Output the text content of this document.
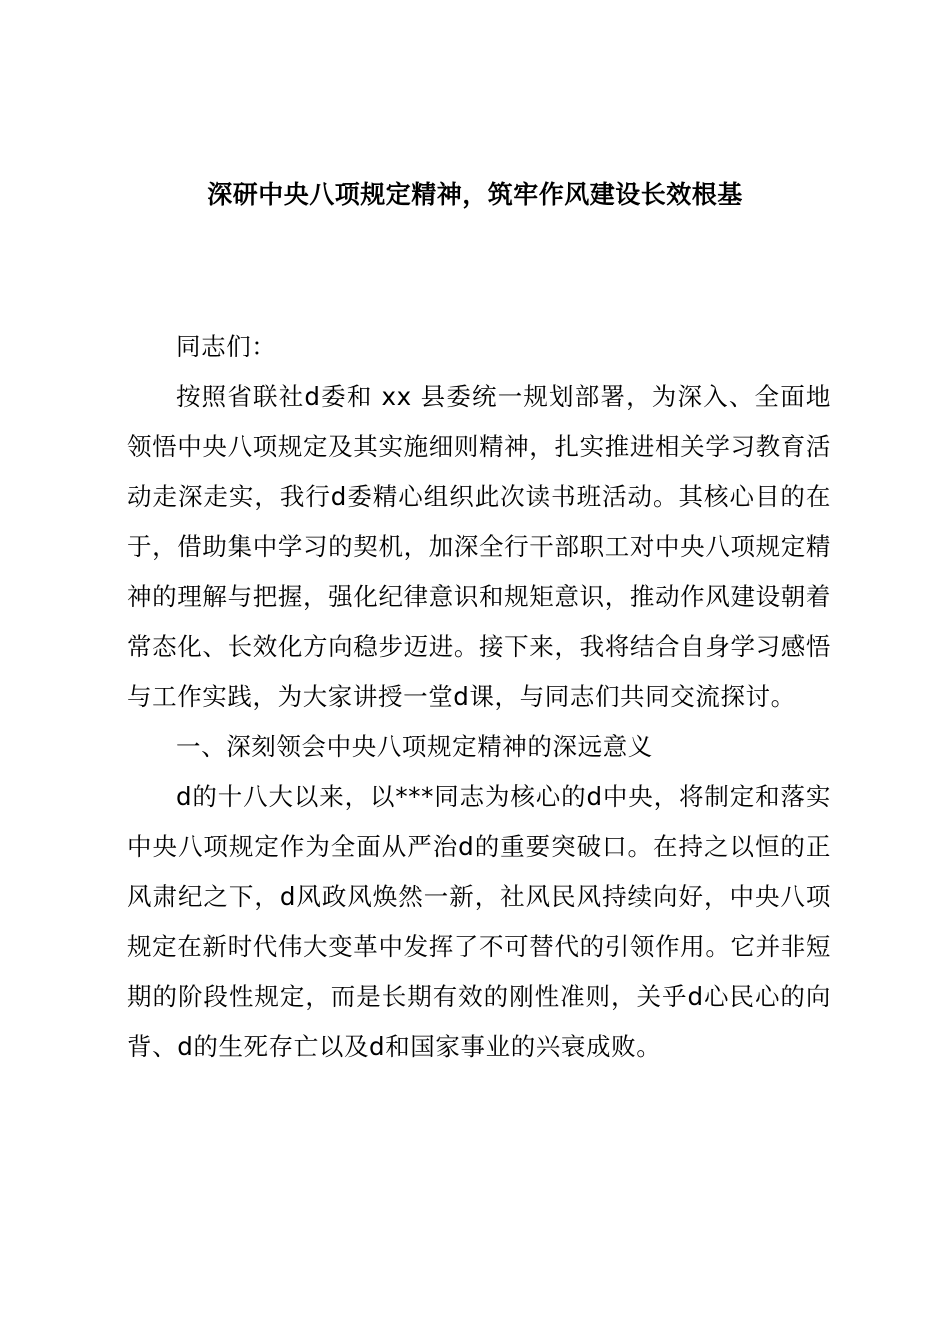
深研中央八项规定精神，筑牢作风建设长效根基

同志们：

按照省联社d委和 xx 县委统一规划部署，为深入、全面地领悟中央八项规定及其实施细则精神，扎实推进相关学习教育活动走深走实，我行d委精心组织此次读书班活动。其核心目的在于，借助集中学习的契机，加深全行干部职工对中央八项规定精神的理解与把握，强化纪律意识和规矩意识，推动作风建设朝着常态化、长效化方向稳步迈进。接下来，我将结合自身学习感悟与工作实践，为大家讲授一堂d课，与同志们共同交流探讨。

一、深刻领会中央八项规定精神的深远意义

d的十八大以来，以***同志为核心的d中央，将制定和落实中央八项规定作为全面从严治d的重要突破口。在持之以恒的正风肃纪之下，d风政风焕然一新，社风民风持续向好，中央八项规定在新时代伟大变革中发挥了不可替代的引领作用。它并非短期的阶段性规定，而是长期有效的刚性准则，关乎d心民心的向背、d的生死存亡以及d和国家事业的兴衰成败。
